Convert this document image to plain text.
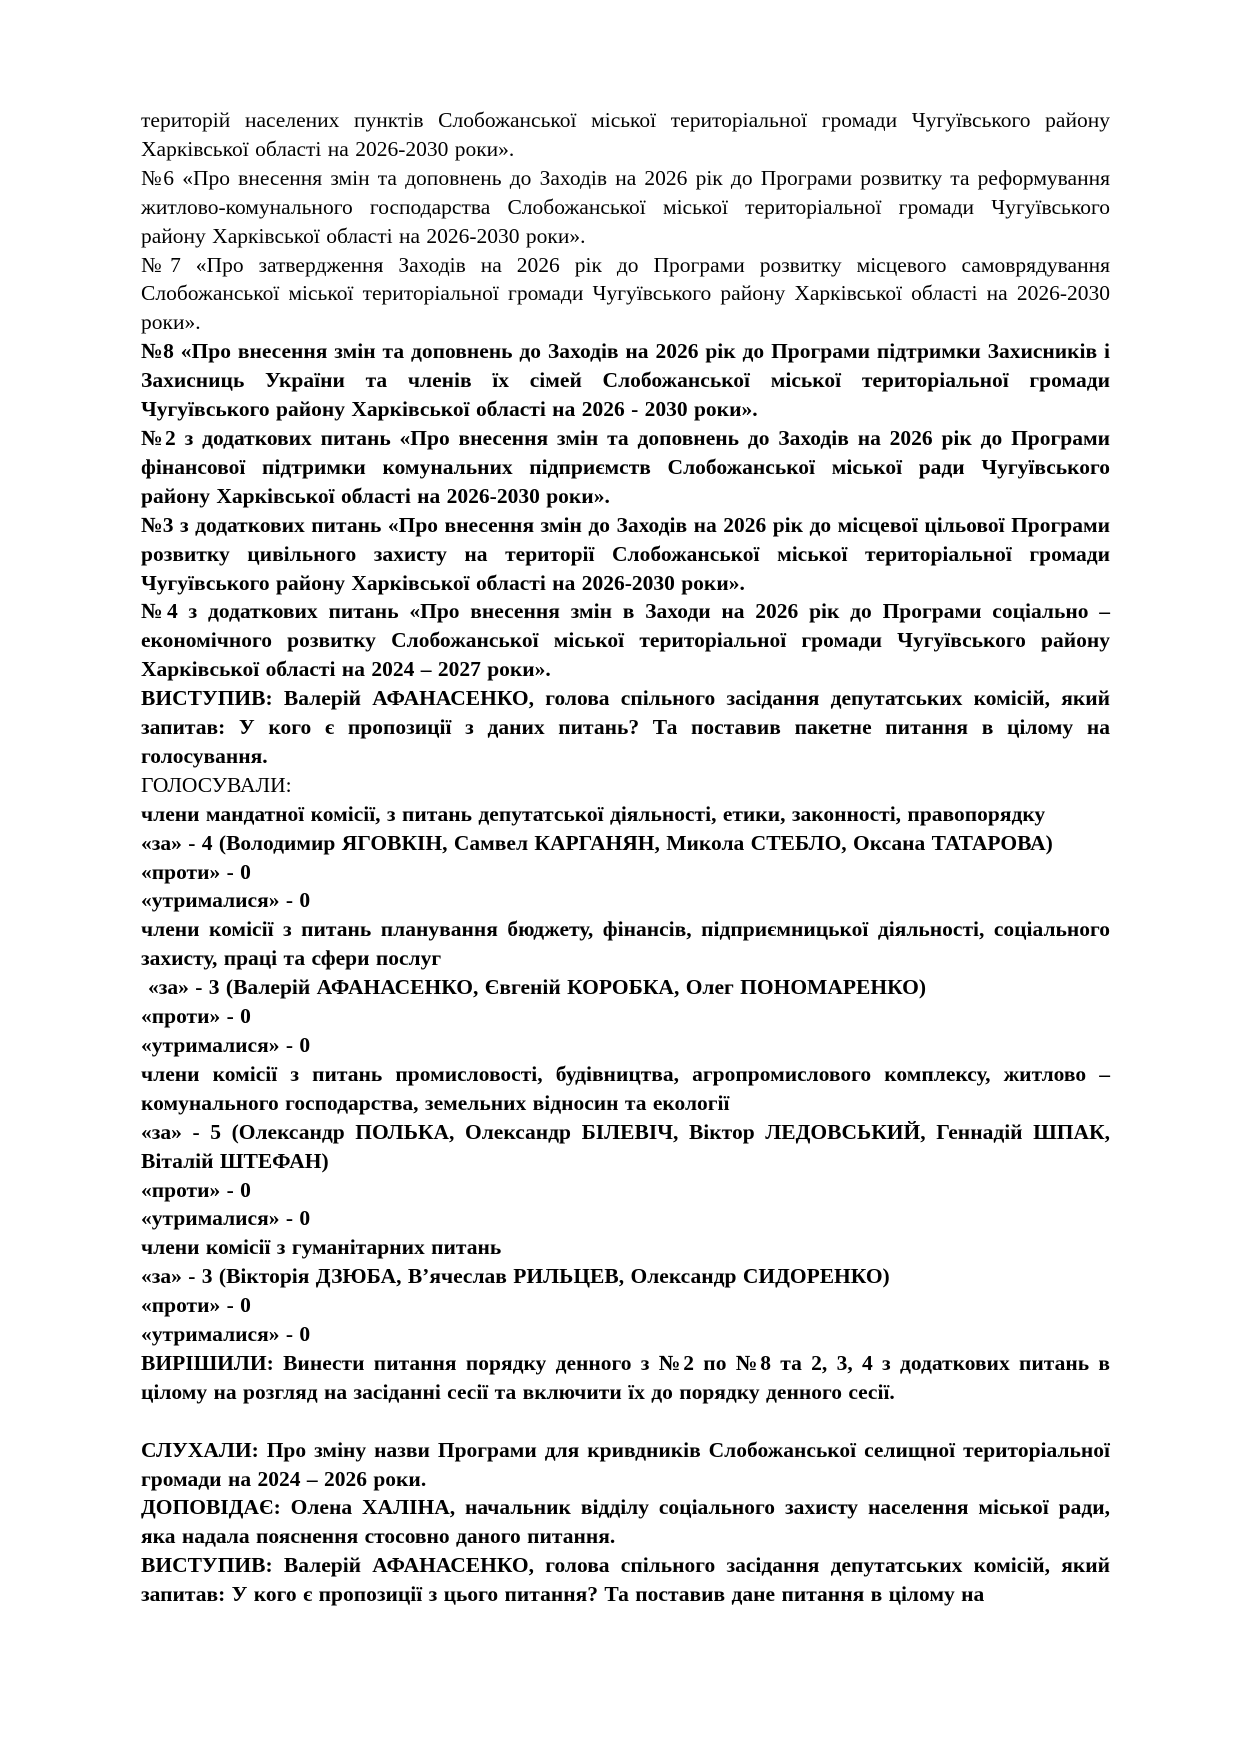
територій населених пунктів Слобожанської міської територіальної громади Чугуївського району Харківської області на 2026-2030 роки».

№6 «Про внесення змін та доповнень до Заходів на 2026 рік до Програми розвитку та реформування житлово-комунального господарства Слобожанської міської територіальної громади Чугуївського району Харківської області на 2026-2030 роки».

№7 «Про затвердження Заходів на 2026 рік до Програми розвитку місцевого самоврядування Слобожанської міської територіальної громади Чугуївського району Харківської області на 2026-2030 роки».

№8 «Про внесення змін та доповнень до Заходів на 2026 рік до Програми підтримки Захисників і Захисниць України та членів їх сімей Слобожанської міської територіальної громади Чугуївського району Харківської області на 2026 - 2030 роки».

№2 з додаткових питань «Про внесення змін та доповнень до Заходів на 2026 рік до Програми фінансової підтримки комунальних підприємств Слобожанської міської ради Чугуївського району Харківської області на 2026-2030 роки».

№3 з додаткових питань «Про внесення змін до Заходів на 2026 рік до місцевої цільової Програми розвитку цивільного захисту на території Слобожанської міської територіальної громади Чугуївського району Харківської області на 2026-2030 роки».

№4 з додаткових питань «Про внесення змін в Заходи на 2026 рік до Програми соціально – економічного розвитку Слобожанської міської територіальної громади Чугуївського району Харківської області на 2024 – 2027 роки».

ВИСТУПИВ: Валерій АФАНАСЕНКО, голова спільного засідання депутатських комісій, який запитав: У кого є пропозиції з даних питань? Та поставив пакетне питання в цілому на голосування.

ГОЛОСУВАЛИ:

члени мандатної комісії, з питань депутатської діяльності, етики, законності, правопорядку

«за» - 4 (Володимир ЯГОВКІН, Самвел КАРГАНЯН, Микола СТЕБЛО, Оксана ТАТАРОВА)

«проти» - 0

«утрималися» - 0

члени комісії з питань планування бюджету, фінансів, підприємницької діяльності, соціального захисту, праці та сфери послуг

«за» - 3 (Валерій АФАНАСЕНКО, Євгеній КОРОБКА, Олег ПОНОМАРЕНКО)

«проти» - 0

«утрималися» - 0

члени комісії з питань промисловості, будівництва, агропромислового комплексу, житлово – комунального господарства, земельних відносин та екології

«за» - 5 (Олександр ПОЛЬКА, Олександр БІЛЕВІЧ, Віктор ЛЕДОВСЬКИЙ, Геннадій ШПАК, Віталій ШТЕФАН)

«проти» - 0

«утрималися» - 0

члени комісії з гуманітарних питань

«за» - 3 (Вікторія ДЗЮБА, В’ячеслав РИЛЬЦЕВ, Олександр СИДОРЕНКО)

«проти» - 0

«утрималися» - 0

ВИРІШИЛИ: Винести питання порядку денного з №2 по №8 та 2, 3, 4 з додаткових питань в цілому на розгляд на засіданні сесії та включити їх до порядку денного сесії.

СЛУХАЛИ: Про зміну назви Програми для кривдників Слобожанської селищної територіальної громади на 2024 – 2026 роки.

ДОПОВІДАЄ: Олена ХАЛІНА, начальник відділу соціального захисту населення міської ради, яка надала пояснення стосовно даного питання.

ВИСТУПИВ: Валерій АФАНАСЕНКО, голова спільного засідання депутатських комісій, який запитав: У кого є пропозиції з цього питання? Та поставив дане питання в цілому на
